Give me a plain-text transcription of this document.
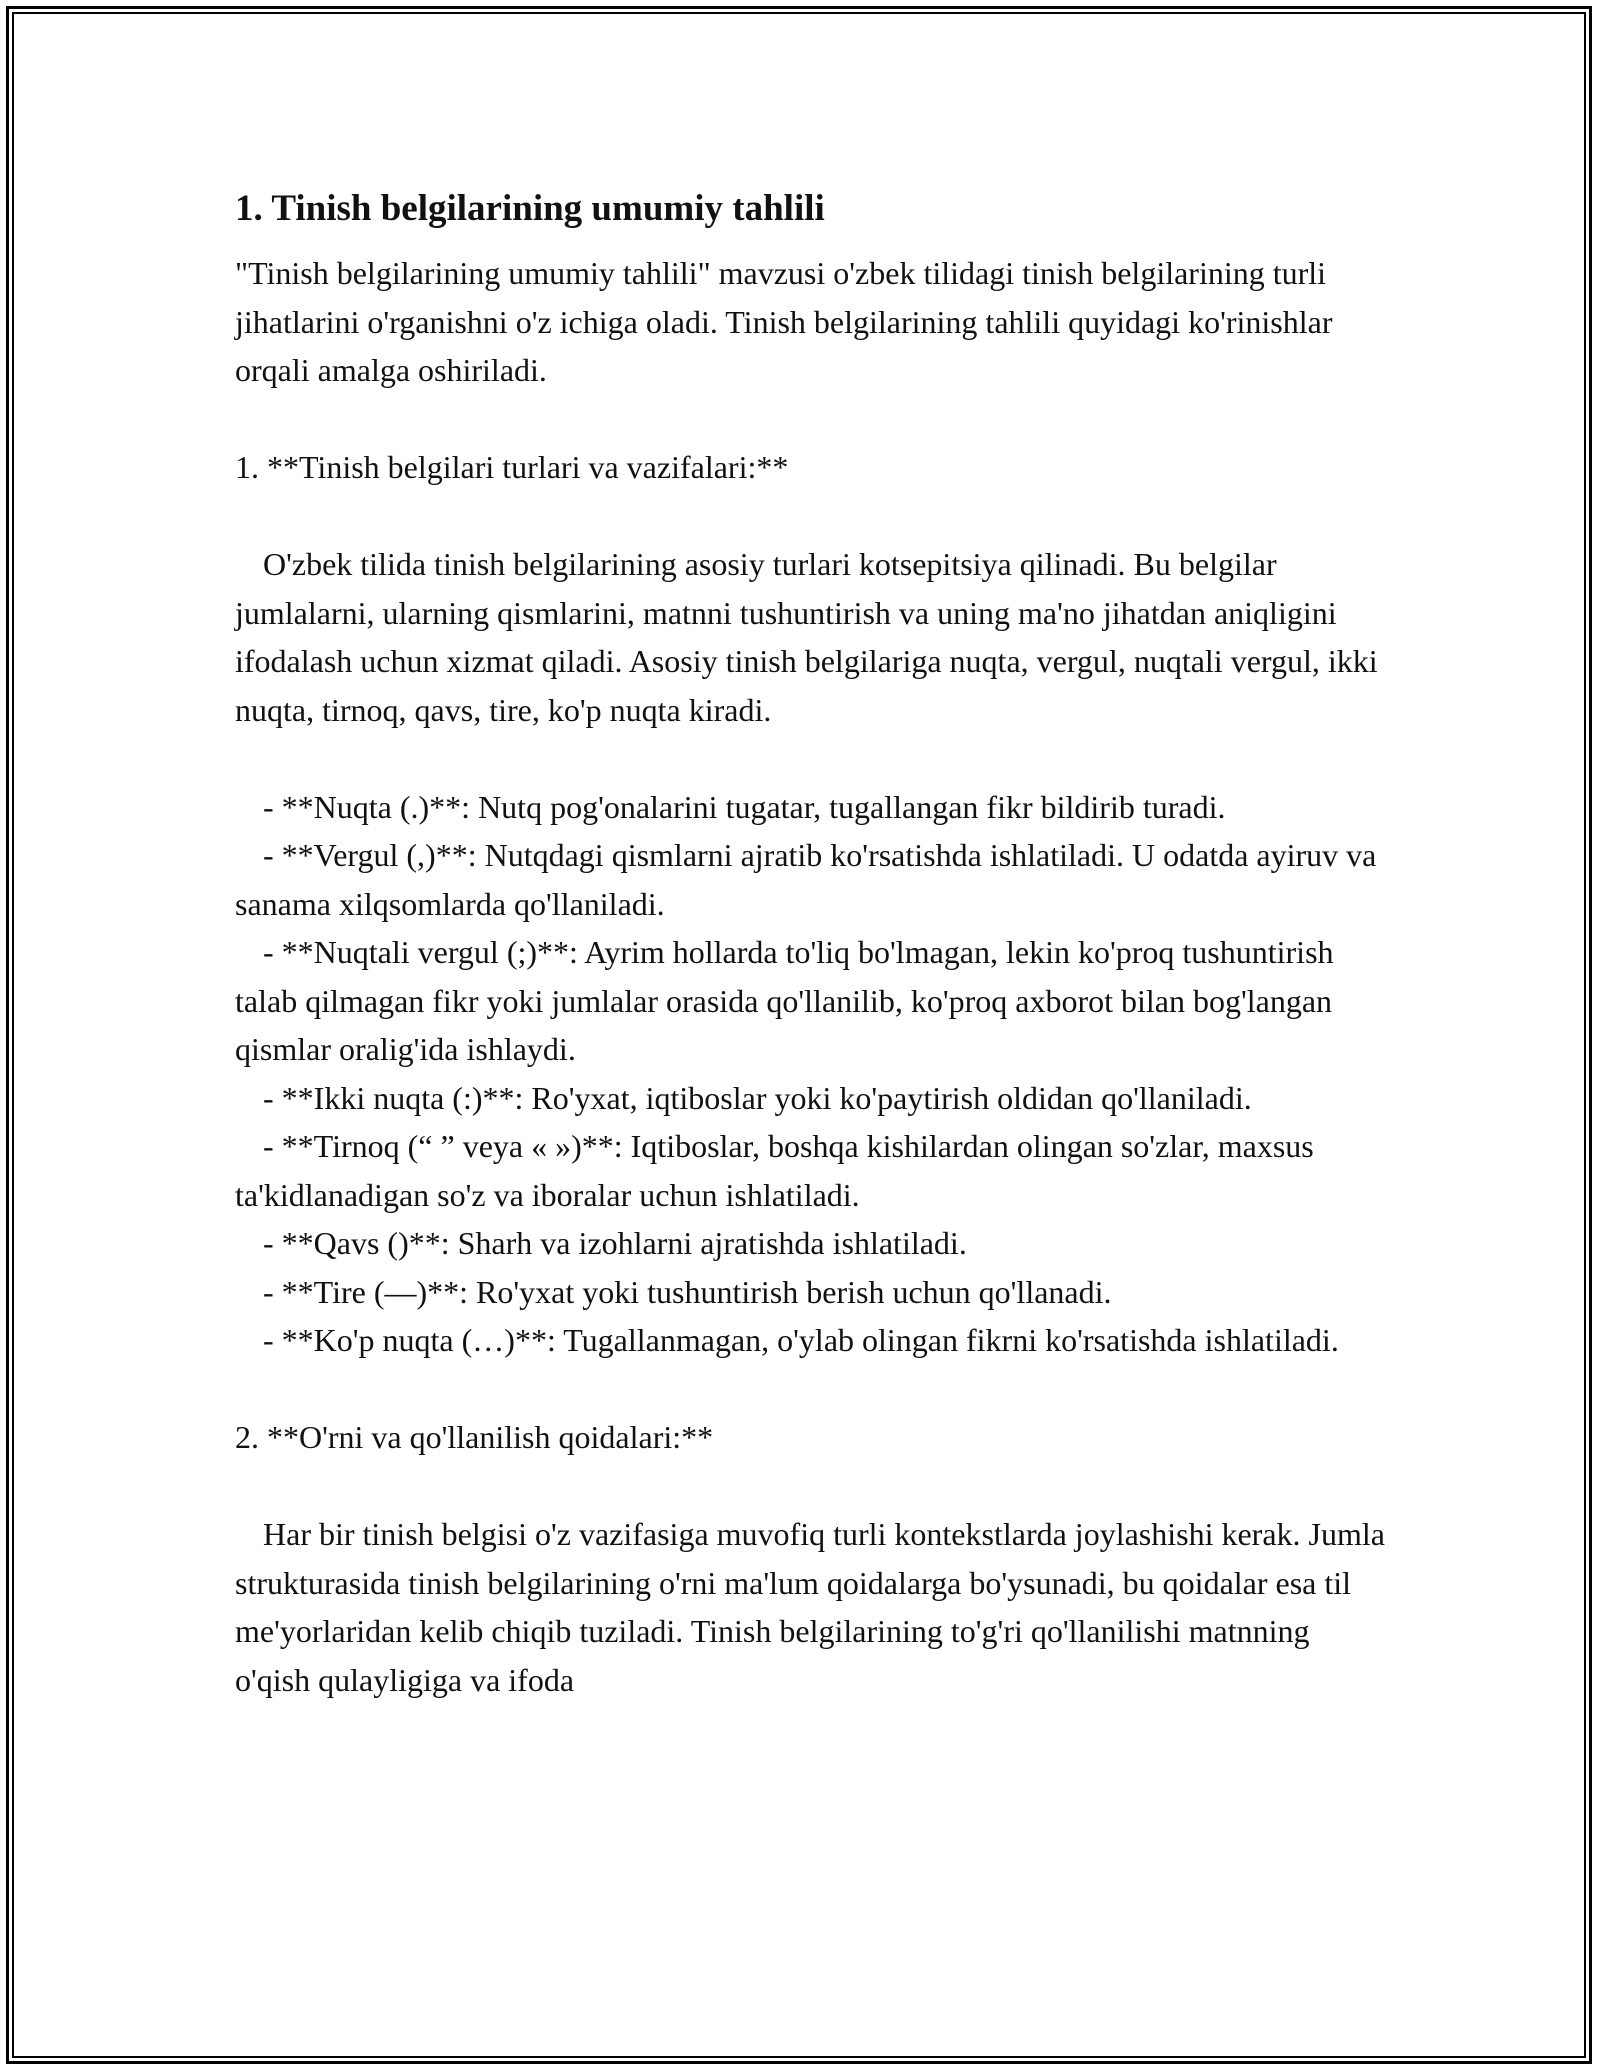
1. Tinish belgilarining umumiy tahlili

"Tinish belgilarining umumiy tahlili" mavzusi o'zbek tilidagi tinish belgilarining turli jihatlarini o'rganishni o'z ichiga oladi. Tinish belgilarining tahlili quyidagi ko'rinishlar orqali amalga oshiriladi.

1. **Tinish belgilari turlari va vazifalari:**

O'zbek tilida tinish belgilarining asosiy turlari kotsepitsiya qilinadi. Bu belgilar jumlalarni, ularning qismlarini, matnni tushuntirish va uning ma'no jihatdan aniqligini ifodalash uchun xizmat qiladi. Asosiy tinish belgilariga nuqta, vergul, nuqtali vergul, ikki nuqta, tirnoq, qavs, tire, ko'p nuqta kiradi.

- **Nuqta (.)**: Nutq pog'onalarini tugatar, tugallangan fikr bildirib turadi.

- **Vergul (,)**: Nutqdagi qismlarni ajratib ko'rsatishda ishlatiladi. U odatda ayiruv va sanama xilqsomlarda qo'llaniladi.

- **Nuqtali vergul (;)**: Ayrim hollarda to'liq bo'lmagan, lekin ko'proq tushuntirish talab qilmagan fikr yoki jumlalar orasida qo'llanilib, ko'proq axborot bilan bog'langan qismlar oralig'ida ishlaydi.

- **Ikki nuqta (:)**: Ro'yxat, iqtiboslar yoki ko'paytirish oldidan qo'llaniladi.

- **Tirnoq (“ ” veya « »)**: Iqtiboslar, boshqa kishilardan olingan so'zlar, maxsus ta'kidlanadigan so'z va iboralar uchun ishlatiladi.

- **Qavs ()**: Sharh va izohlarni ajratishda ishlatiladi.

- **Tire (—)**: Ro'yxat yoki tushuntirish berish uchun qo'llanadi.

- **Ko'p nuqta (…)**: Tugallanmagan, o'ylab olingan fikrni ko'rsatishda ishlatiladi.

2. **O'rni va qo'llanilish qoidalari:**

Har bir tinish belgisi o'z vazifasiga muvofiq turli kontekstlarda joylashishi kerak. Jumla strukturasida tinish belgilarining o'rni ma'lum qoidalarga bo'ysunadi, bu qoidalar esa til me'yorlaridan kelib chiqib tuziladi. Tinish belgilarining to'g'ri qo'llanilishi matnning o'qish qulayligiga va ifoda
